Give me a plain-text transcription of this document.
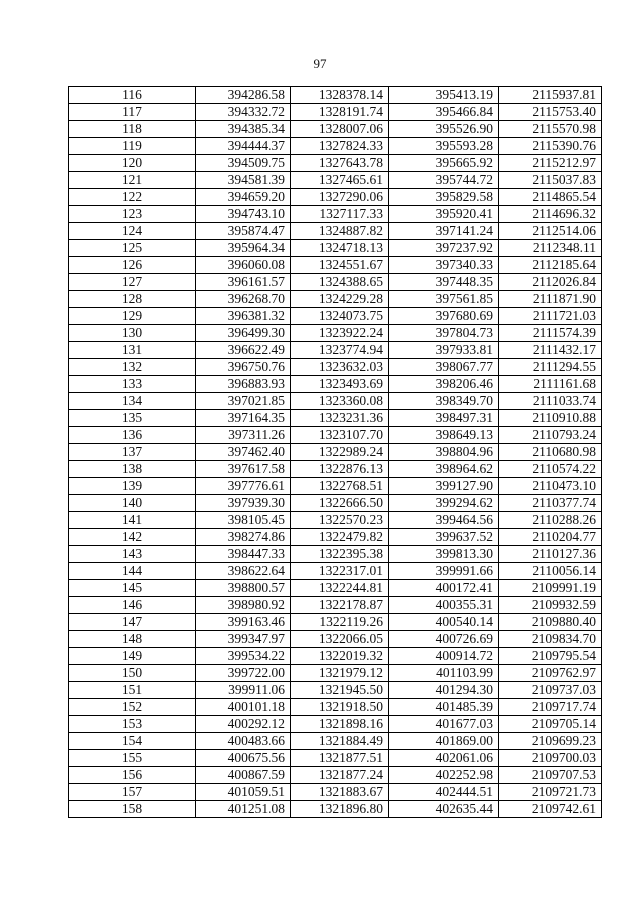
97
116	394286.58	1328378.14	395413.19	2115937.81
117	394332.72	1328191.74	395466.84	2115753.40
118	394385.34	1328007.06	395526.90	2115570.98
119	394444.37	1327824.33	395593.28	2115390.76
120	394509.75	1327643.78	395665.92	2115212.97
121	394581.39	1327465.61	395744.72	2115037.83
122	394659.20	1327290.06	395829.58	2114865.54
123	394743.10	1327117.33	395920.41	2114696.32
124	395874.47	1324887.82	397141.24	2112514.06
125	395964.34	1324718.13	397237.92	2112348.11
126	396060.08	1324551.67	397340.33	2112185.64
127	396161.57	1324388.65	397448.35	2112026.84
128	396268.70	1324229.28	397561.85	2111871.90
129	396381.32	1324073.75	397680.69	2111721.03
130	396499.30	1323922.24	397804.73	2111574.39
131	396622.49	1323774.94	397933.81	2111432.17
132	396750.76	1323632.03	398067.77	2111294.55
133	396883.93	1323493.69	398206.46	2111161.68
134	397021.85	1323360.08	398349.70	2111033.74
135	397164.35	1323231.36	398497.31	2110910.88
136	397311.26	1323107.70	398649.13	2110793.24
137	397462.40	1322989.24	398804.96	2110680.98
138	397617.58	1322876.13	398964.62	2110574.22
139	397776.61	1322768.51	399127.90	2110473.10
140	397939.30	1322666.50	399294.62	2110377.74
141	398105.45	1322570.23	399464.56	2110288.26
142	398274.86	1322479.82	399637.52	2110204.77
143	398447.33	1322395.38	399813.30	2110127.36
144	398622.64	1322317.01	399991.66	2110056.14
145	398800.57	1322244.81	400172.41	2109991.19
146	398980.92	1322178.87	400355.31	2109932.59
147	399163.46	1322119.26	400540.14	2109880.40
148	399347.97	1322066.05	400726.69	2109834.70
149	399534.22	1322019.32	400914.72	2109795.54
150	399722.00	1321979.12	401103.99	2109762.97
151	399911.06	1321945.50	401294.30	2109737.03
152	400101.18	1321918.50	401485.39	2109717.74
153	400292.12	1321898.16	401677.03	2109705.14
154	400483.66	1321884.49	401869.00	2109699.23
155	400675.56	1321877.51	402061.06	2109700.03
156	400867.59	1321877.24	402252.98	2109707.53
157	401059.51	1321883.67	402444.51	2109721.73
158	401251.08	1321896.80	402635.44	2109742.61
